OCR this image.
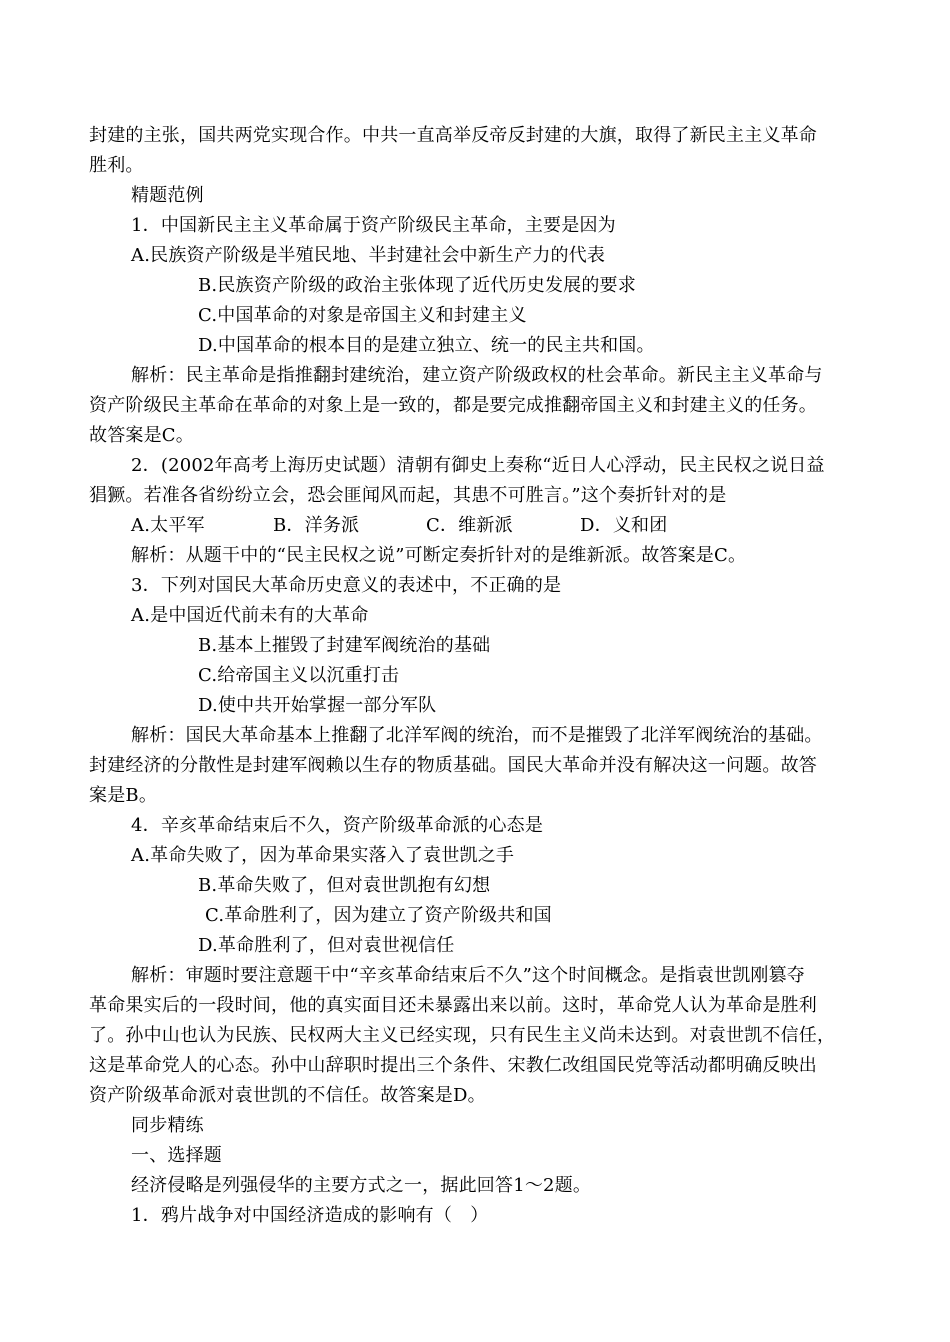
封建的主张，国共两党实现合作。中共一直高举反帝反封建的大旗，取得了新民主主义革命
胜利。
精题范例
1．中国新民主主义革命属于资产阶级民主革命，主要是因为
A.民族资产阶级是半殖民地、半封建社会中新生产力的代表
B.民族资产阶级的政治主张体现了近代历史发展的要求
C.中国革命的对象是帝国主义和封建主义
D.中国革命的根本目的是建立独立、统一的民主共和国。
解析：民主革命是指推翻封建统治，建立资产阶级政权的杜会革命。新民主主义革命与
资产阶级民主革命在革命的对象上是一致的，都是要完成推翻帝国主义和封建主义的任务。
故答案是C。
2．(2002年高考上海历史试题）清朝有御史上奏称“近日人心浮动，民主民权之说日益
猖獗。若准各省纷纷立会，恐会匪闻风而起，其患不可胜言。”这个奏折针对的是
A.太平军	B．洋务派	C．维新派	D．义和团
解析：从题干中的“民主民权之说”可断定奏折针对的是维新派。故答案是C。
3．下列对国民大革命历史意义的表述中，不正确的是
A.是中国近代前未有的大革命
B.基本上摧毁了封建军阀统治的基础
C.给帝国主义以沉重打击
D.使中共开始掌握一部分军队
解析：国民大革命基本上推翻了北洋军阀的统治，而不是摧毁了北洋军阀统治的基础。
封建经济的分散性是封建军阀赖以生存的物质基础。国民大革命并没有解决这一问题。故答
案是B。
4．辛亥革命结束后不久，资产阶级革命派的心态是
A.革命失败了，因为革命果实落入了袁世凯之手
B.革命失败了，但对袁世凯抱有幻想
C.革命胜利了，因为建立了资产阶级共和国
D.革命胜利了，但对袁世视信任
解析：审题时要注意题干中“辛亥革命结束后不久”这个时间概念。是指袁世凯刚篡夺
革命果实后的一段时间，他的真实面目还未暴露出来以前。这时，革命党人认为革命是胜利
了。孙中山也认为民族、民权两大主义已经实现，只有民生主义尚未达到。对袁世凯不信任，
这是革命党人的心态。孙中山辞职时提出三个条件、宋教仁改组国民党等活动都明确反映出
资产阶级革命派对袁世凯的不信任。故答案是D。
同步精练
一、选择题
经济侵略是列强侵华的主要方式之一，据此回答1～2题。
1．鸦片战争对中国经济造成的影响有（　）
